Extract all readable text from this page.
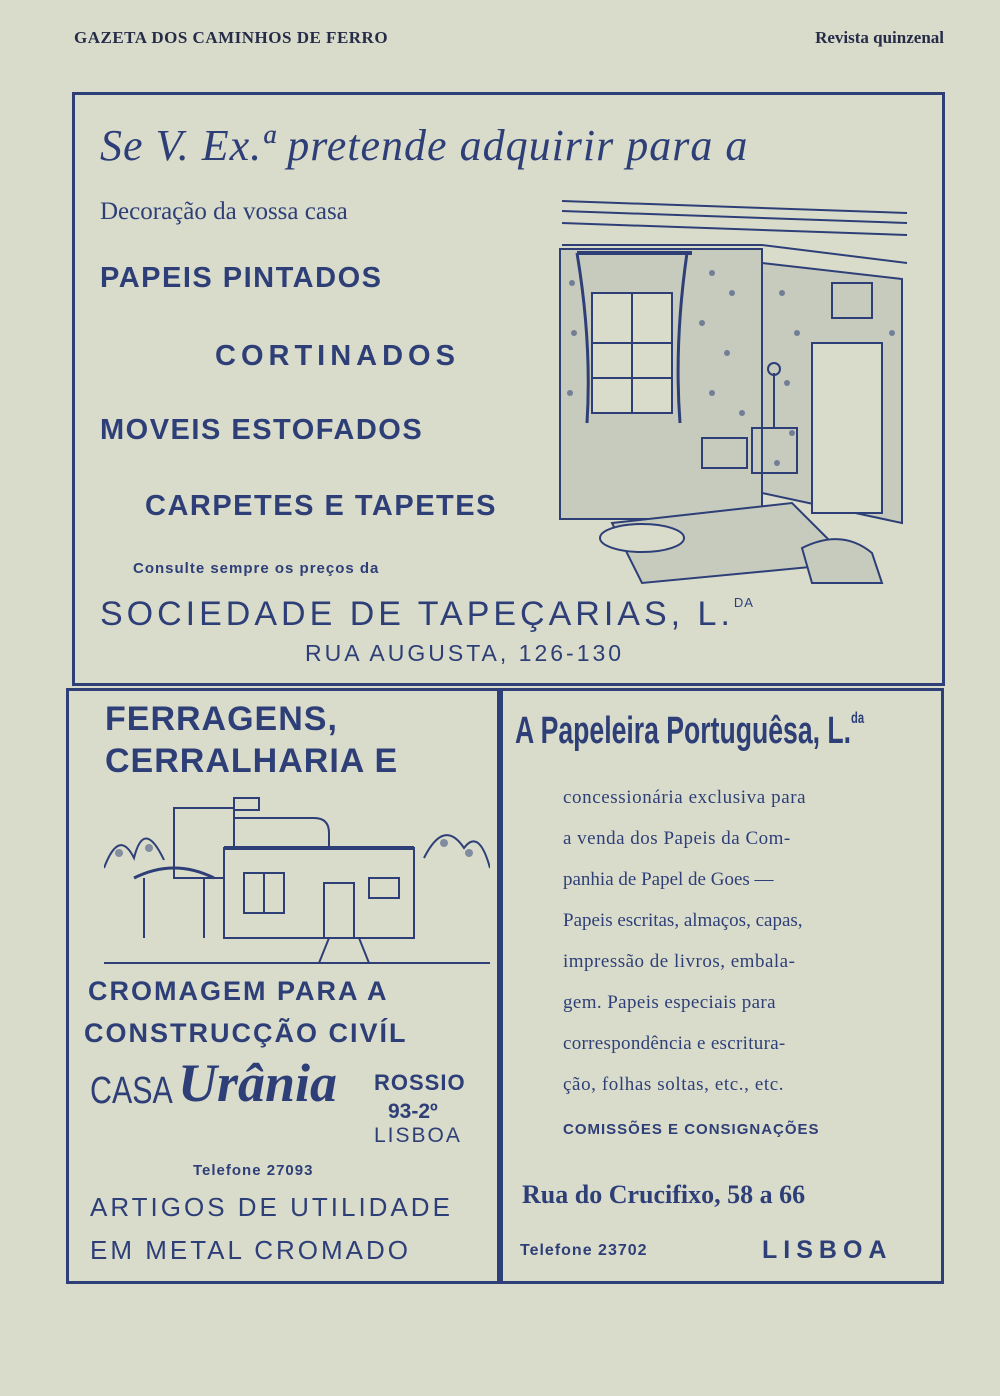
GAZETA DOS CAMINHOS DE FERRO	Revista quinzenal
Se V. Ex.ª pretende adquirir para a
Decoração da vossa casa
PAPEIS PINTADOS
CORTINADOS
MOVEIS ESTOFADOS
CARPETES E TAPETES
Consulte sempre os preços da
SOCIEDADE DE TAPEÇARIAS, L.$^{DA}$
RUA AUGUSTA, 126-130
FERRAGENS,
CERRALHARIA E
CROMAGEM PARA A
CONSTRUCÇÃO CIVÍL
CASA Urânia ROSSIO
93-2º
LISBOA
Telefone 27093
ARTIGOS DE UTILIDADE
EM METAL CROMADO
A Papeleira Portuguêsa, L.$^{da}$
concessionária exclusiva para
a venda dos Papeis da Com-
panhia de Papel de Goes —
Papeis escritas, almaços, capas,
impressão de livros, embala-
gem. Papeis especiais para
correspondência e escritura-
ção, folhas soltas, etc., etc.
COMISSÕES E CONSIGNAÇÕES
Rua do Crucifixo, 58 a 66
Telefone 23702	LISBOA
